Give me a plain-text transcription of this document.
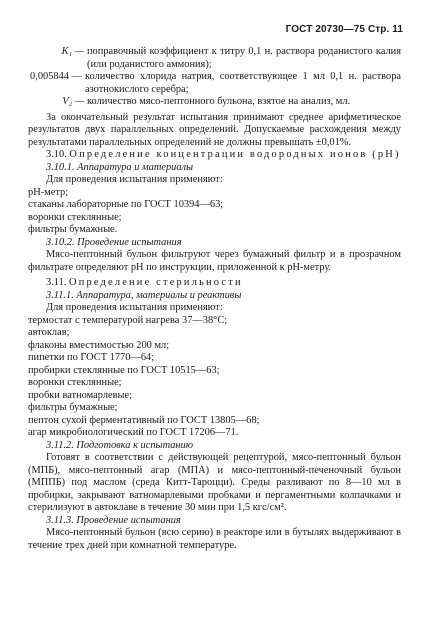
ГОСТ 20730—75 Стр. 11
K₁ — поправочный коэффициент к титру 0,1 н. раствора роданистого калия (или роданистого аммония);
0,005844 — количество хлорида натрия, соответствующее 1 мл 0,1 н. раствора азотнокислого серебра;
V₂ — количество мясо-пептонного бульона, взятое на анализ, мл.

За окончательный результат испытания принимают среднее арифметическое результатов двух параллельных определений. Допускаемые расхождения между результатами параллельных определений не должны превышать ±0,01%.

3.10. Определение концентрации водородных ионов (рН)

3.10.1. Аппаратура и материалы

Для проведения испытания применяют:

рН-метр;

стаканы лабораторные по ГОСТ 10394—63;

воронки стеклянные;

фильтры бумажные.

3.10.2. Проведение испытания

Мясо-пептонный бульон фильтруют через бумажный фильтр и в прозрачном фильтрате определяют рН по инструкции, приложенной к рН-метру.

3.11. Определение стерильности

3.11.1. Аппаратура, материалы и реактивы

Для проведения испытания применяют:

термостат с температурой нагрева 37—38°С;

автоклав;

флаконы вместимостью 200 мл;

пипетки по ГОСТ 1770—64;

пробирки стеклянные по ГОСТ 10515—63;

воронки стеклянные;

пробки ватномарлевые;

фильтры бумажные;

пептон сухой ферментативный по ГОСТ 13805—68;

агар микробиологический по ГОСТ 17206—71.

3.11.2. Подготовка к испытанию

Готовят в соответствии с действующей рецептурой, мясо-пептонный бульон (МПБ), мясо-пептонный агар (МПА) и мясо-пептонный-печеночный бульон (МППБ) под маслом (среда Китт-Тароцци). Среды разливают по 8—10 мл в пробирки, закрывают ватномарлевыми пробками и пергаментными колпачками и стерилизуют в автоклаве в течение 30 мин при 1,5 кгс/см².

3.11.3. Проведение испытания

Мясо-пептонный бульон (всю серию) в реакторе или в бутылях выдерживают в течение трех дней при комнатной температуре.
